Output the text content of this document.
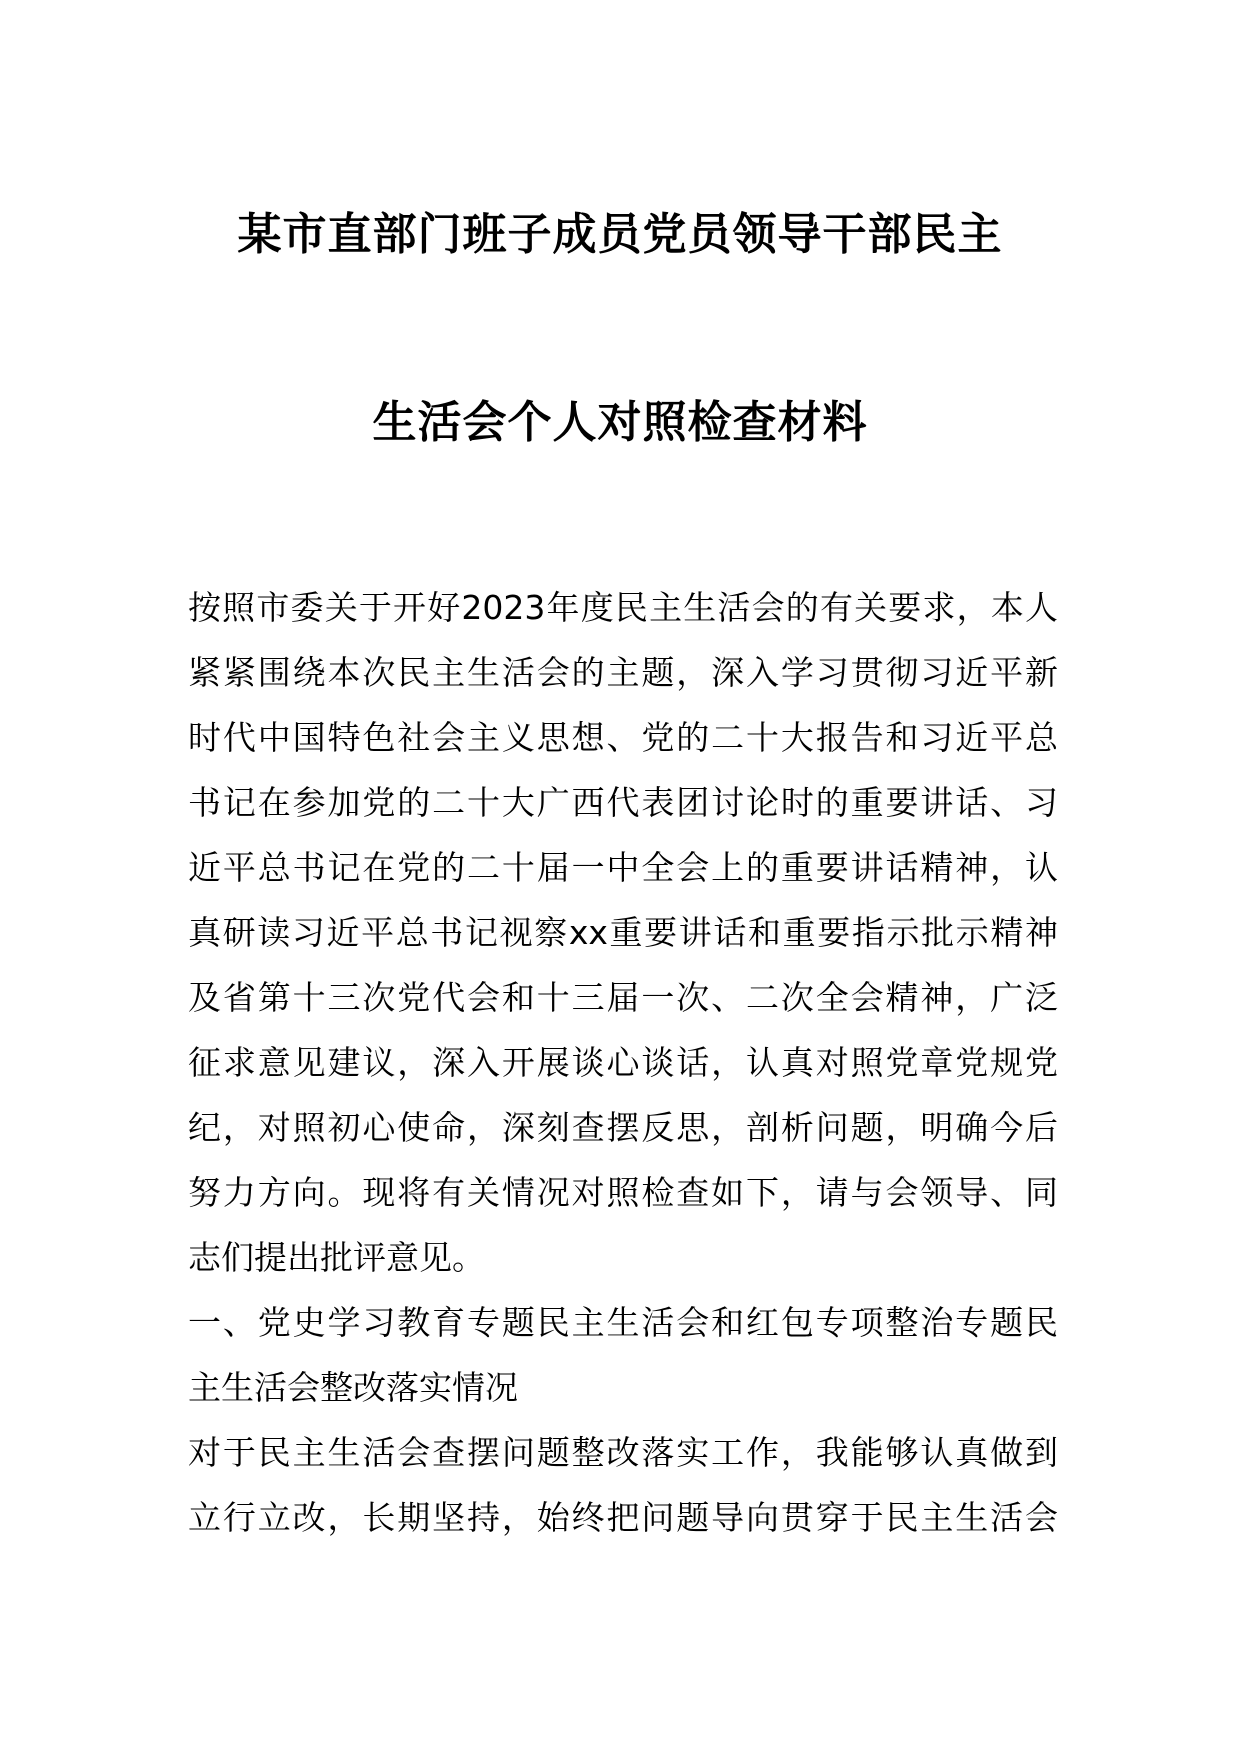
某市直部门班子成员党员领导干部民主
生活会个人对照检查材料
按照市委关于开好2023年度民主生活会的有关要求，本人
紧紧围绕本次民主生活会的主题，深入学习贯彻习近平新
时代中国特色社会主义思想、党的二十大报告和习近平总
书记在参加党的二十大广西代表团讨论时的重要讲话、习
近平总书记在党的二十届一中全会上的重要讲话精神，认
真研读习近平总书记视察xx重要讲话和重要指示批示精神
及省第十三次党代会和十三届一次、二次全会精神，广泛
征求意见建议，深入开展谈心谈话，认真对照党章党规党
纪，对照初心使命，深刻查摆反思，剖析问题，明确今后
努力方向。现将有关情况对照检查如下，请与会领导、同
志们提出批评意见。
一、党史学习教育专题民主生活会和红包专项整治专题民
主生活会整改落实情况
对于民主生活会查摆问题整改落实工作，我能够认真做到
立行立改，长期坚持，始终把问题导向贯穿于民主生活会
